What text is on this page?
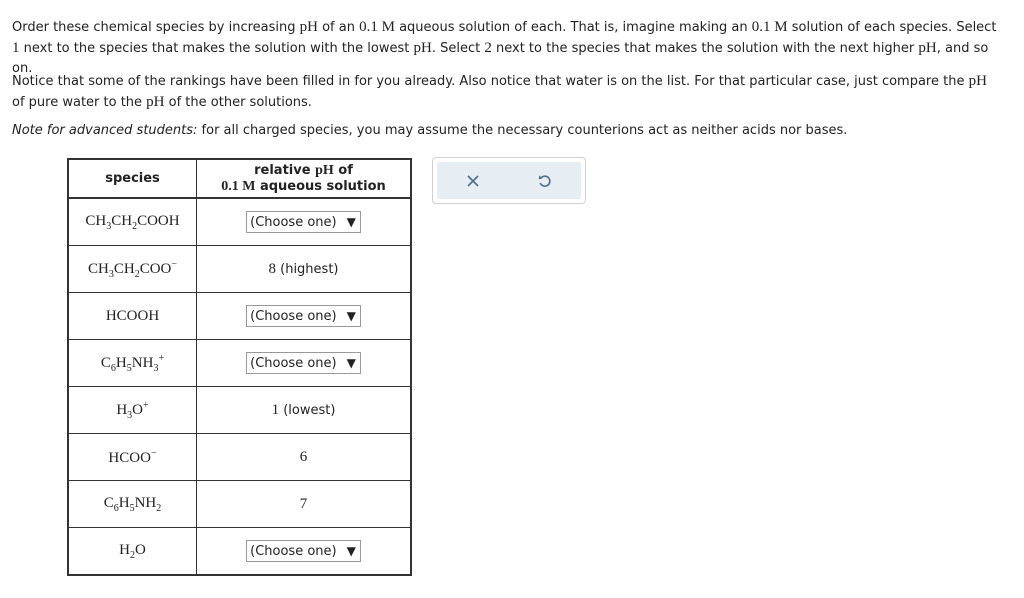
Order these chemical species by increasing pH of an 0.1 M aqueous solution of each. That is, imagine making an 0.1 M solution of each species. Select 1 next to the species that makes the solution with the lowest pH. Select 2 next to the species that makes the solution with the next higher pH, and so on.

Notice that some of the rankings have been filled in for you already. Also notice that water is on the list. For that particular case, just compare the pH of pure water to the pH of the other solutions.

Note for advanced students: for all charged species, you may assume the necessary counterions act as neither acids nor bases.

species	relative pH of
0.1 M aqueous solution
$CH_3CH_2COOH$	(Choose one) ▼

$CH_3CH_2COO^-$	8 (highest)
HCOOH	(Choose one) ▼

$C_6H_5NH_3^+$	(Choose one) ▼

$H_3O^+$	1 (lowest)
HCOO−	6
$C_6H_5NH_2$	7
$H_2O$	(Choose one) ▼
